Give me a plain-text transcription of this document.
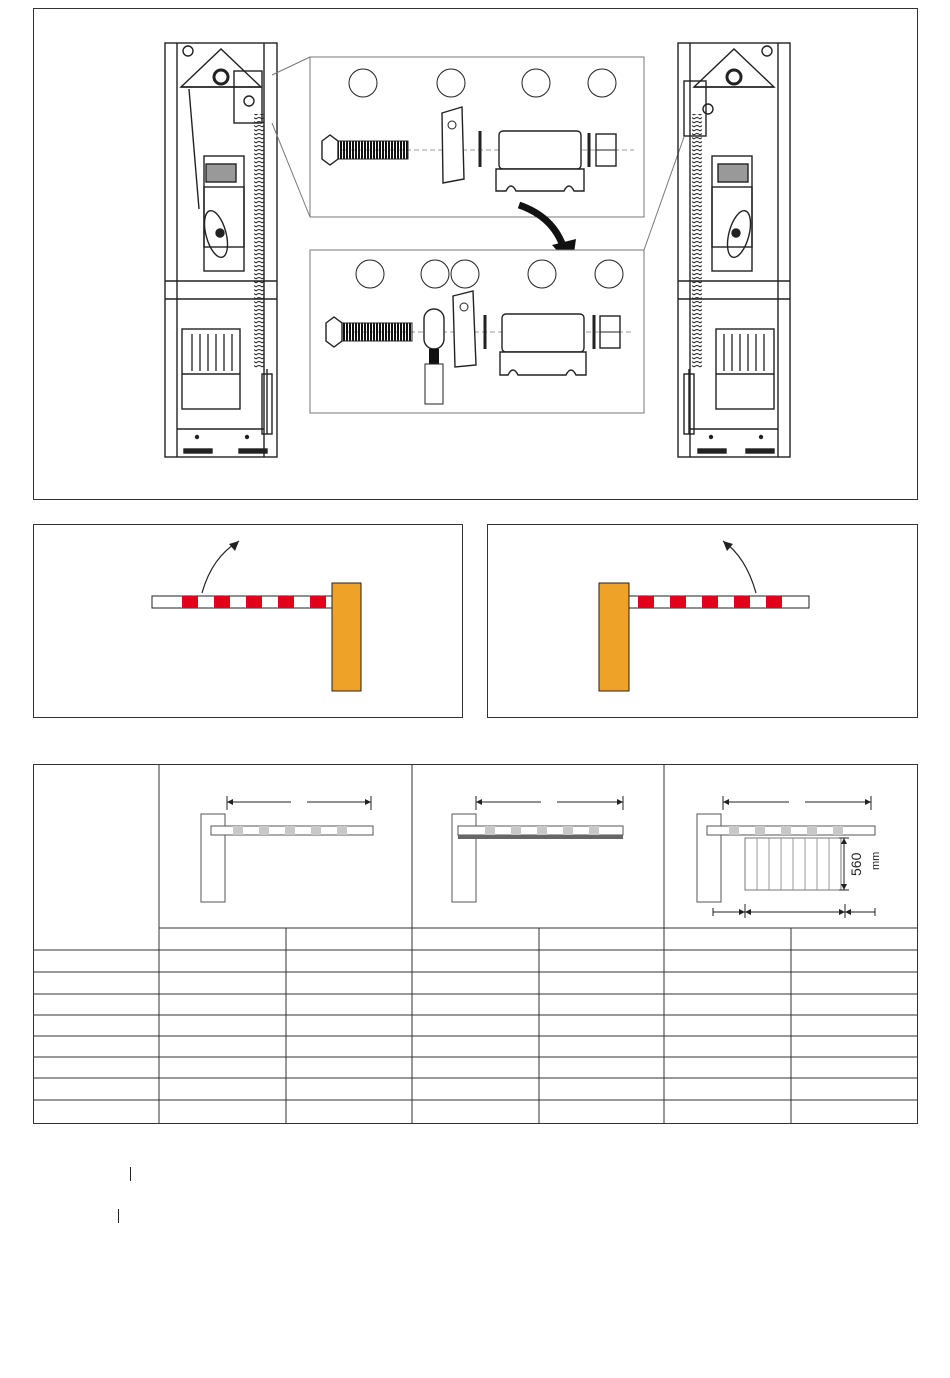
560 mm
